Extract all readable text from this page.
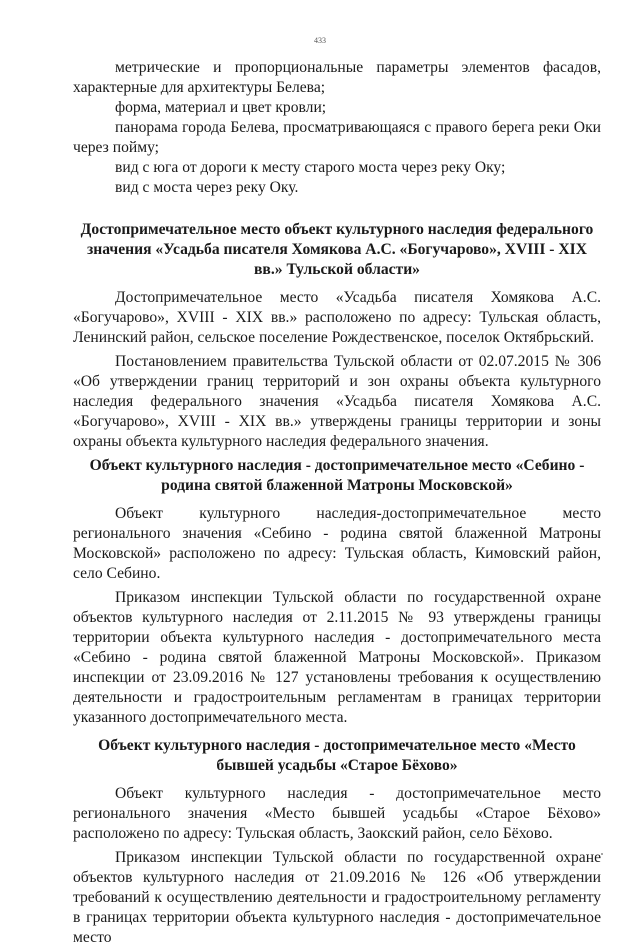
433

метрические и пропорциональные параметры элементов фасадов,

характерные для архитектуры Белева;

форма, материал и цвет кровли;

панорама города Белева, просматривающаяся с правого берега реки Оки через пойму;

вид с юга от дороги к месту старого моста через реку Оку;

вид с моста через реку Оку.

Достопримечательное место объект культурного наследия федерального значения «Усадьба писателя Хомякова А.С. «Богучарово», XVIII - XIX вв.» Тульской области»

Достопримечательное место «Усадьба писателя Хомякова А.С. «Богучарово», XVIII - XIX вв.» расположено по адресу: Тульская область, Ленинский район, сельское поселение Рождественское, поселок Октябрьский.

Постановлением правительства Тульской области от 02.07.2015 № 306 «Об утверждении границ территорий и зон охраны объекта культурного наследия федерального значения «Усадьба писателя Хомякова А.С. «Богучарово», XVIII - XIX вв.» утверждены границы территории и зоны охраны объекта культурного наследия федерального значения.

Объект культурного наследия - достопримечательное место «Себино - родина святой блаженной Матроны Московской»

Объект культурного наследия-достопримечательное место регионального значения «Себино - родина святой блаженной Матроны Московской» расположено по адресу: Тульская область, Кимовский район, село Себино.

Приказом инспекции Тульской области по государственной охране объектов культурного наследия от 2.11.2015 № 93 утверждены границы территории объекта культурного наследия - достопримечательного места «Себино - родина святой блаженной Матроны Московской». Приказом инспекции от 23.09.2016 № 127 установлены требования к осуществлению деятельности и градостроительным регламентам в границах территории указанного достопримечательного места.

Объект культурного наследия - достопримечательное место «Место бывшей усадьбы «Старое Бёхово»

Объект культурного наследия - достопримечательное место регионального значения «Место бывшей усадьбы «Старое Бёхово» расположено по адресу: Тульская область, Заокский район, село Бёхово.

Приказом инспекции Тульской области по государственной охране объектов культурного наследия от 21.09.2016 № 126 «Об утверждении требований к осуществлению деятельности и градостроительному регламенту в границах территории объекта культурного наследия - достопримечательное место
